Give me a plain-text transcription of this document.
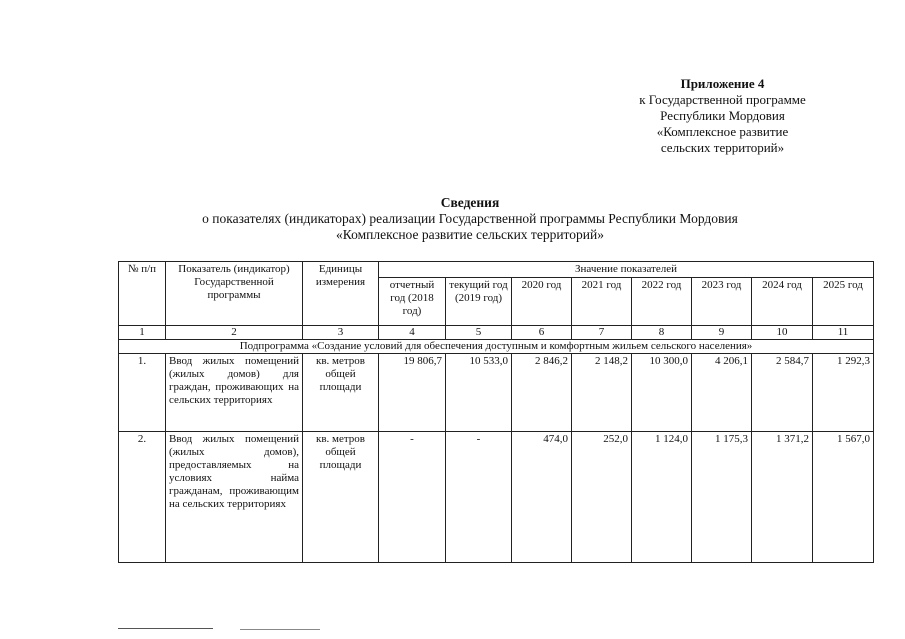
Приложение 4
к Государственной программе
Республики Мордовия
«Комплексное развитие
сельских территорий»
Сведения
о показателях (индикаторах) реализации Государственной программы Республики Мордовия
«Комплексное развитие сельских территорий»
№ п/п	Показатель (индикатор) Государственной программы	Единицы измерения	Значение показателей							
			отчетный год (2018 год)	текущий год (2019 год)	2020 год	2021 год	2022 год	2023 год	2024 год	2025 год
1	2	3	4	5	6	7	8	9	10	11
Подпрограмма «Создание условий для обеспечения доступным и комфортным жильем сельского населения»										
1.	Ввод жилых помещений (жилых домов) для граждан, проживающих на сельских территориях	кв. метров общей площади	19 806,7	10 533,0	2 846,2	2 148,2	10 300,0	4 206,1	2 584,7	1 292,3
2.	Ввод жилых помещений (жилых домов), предоставляемых на условиях найма гражданам, проживающим на сельских территориях	кв. метров общей площади	-	-	474,0	252,0	1 124,0	1 175,3	1 371,2	1 567,0
